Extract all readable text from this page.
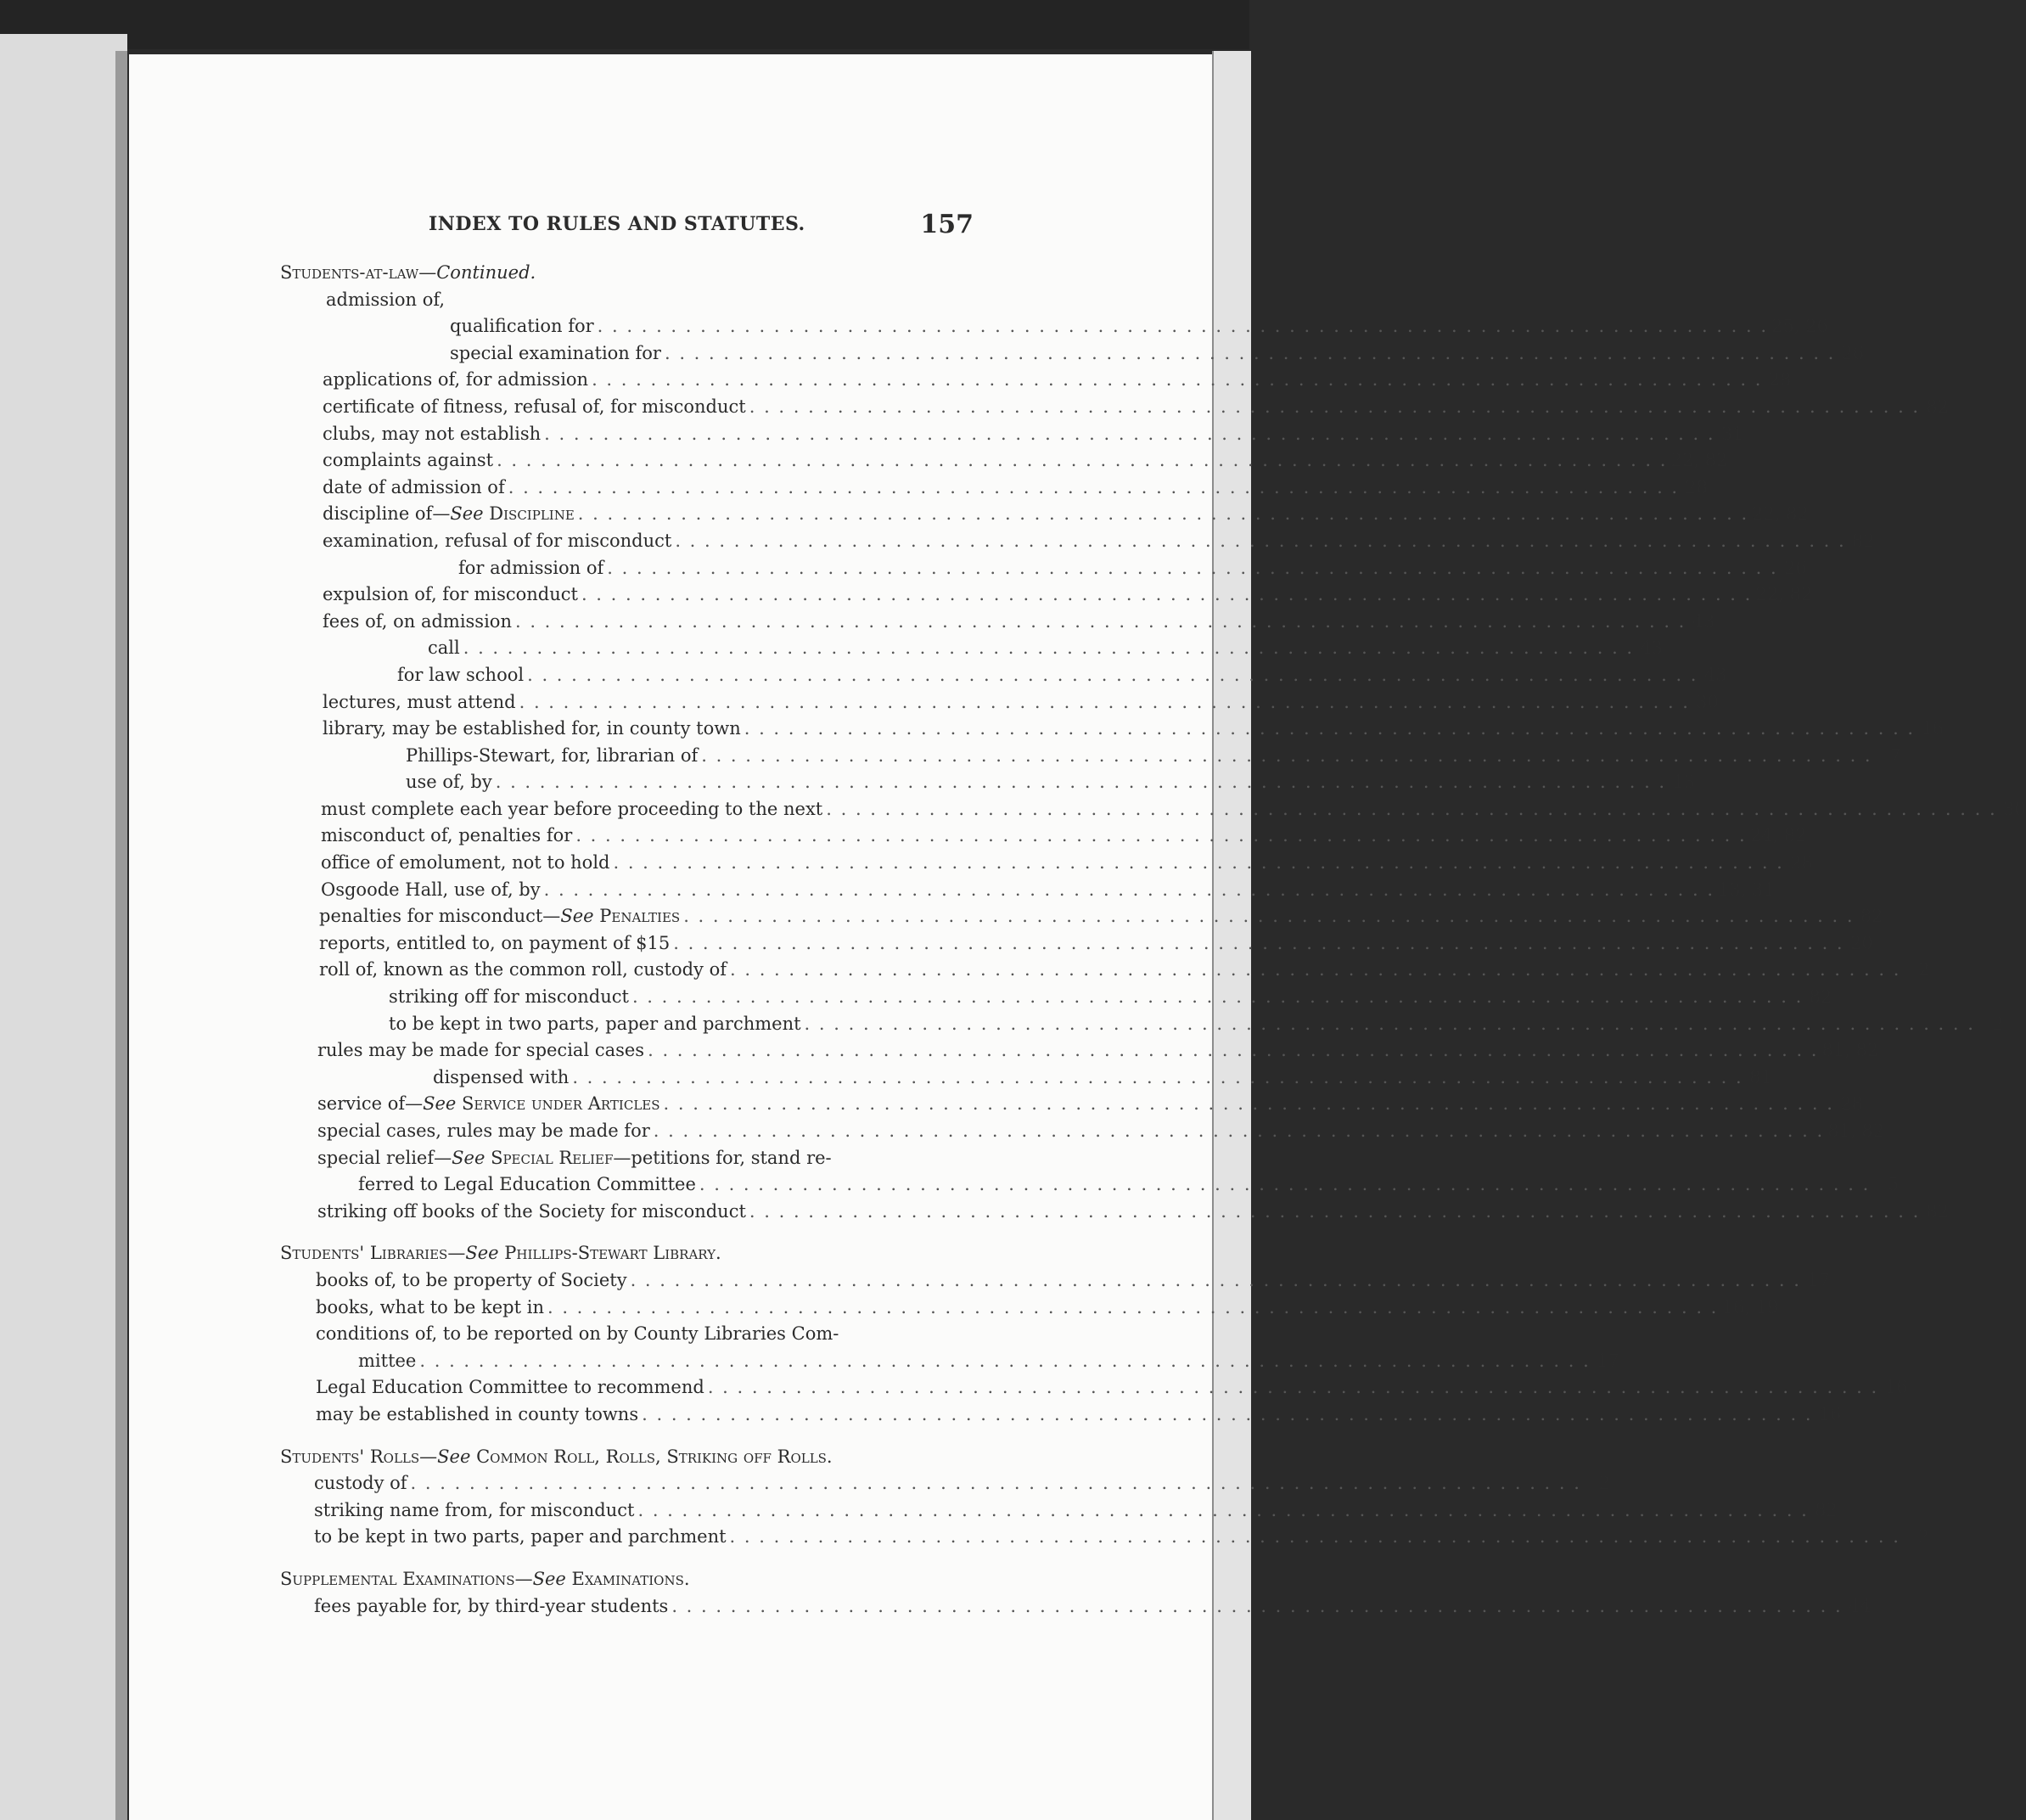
INDEX TO RULES AND STATUTES.	157
Students-at-law—Continued.
admission of,
qualification for . . . . . . . . . . . . . . . . . . . . . . . . . . . . . . . . . . . . . . . . . . . . . . . . . . . . . . . . . . . . . . . . . . . . . . . . . . . . . . . . 25, 26
special examination for . . . . . . . . . . . . . . . . . . . . . . . . . . . . . . . . . . . . . . . . . . . . . . . . . . . . . . . . . . . . . . . . . . . . . . . . . . . . . . . . 26
applications of, for admission . . . . . . . . . . . . . . . . . . . . . . . . . . . . . . . . . . . . . . . . . . . . . . . . . . . . . . . . . . . . . . . . . . . . . . . . . . . . . . . . 28
certificate of fitness, refusal of, for misconduct . . . . . . . . . . . . . . . . . . . . . . . . . . . . . . . . . . . . . . . . . . . . . . . . . . . . . . . . . . . . . . . . . . . . . . . . . . . . . . . . 82
clubs, may not establish . . . . . . . . . . . . . . . . . . . . . . . . . . . . . . . . . . . . . . . . . . . . . . . . . . . . . . . . . . . . . . . . . . . . . . . . . . . . . . . . 31
complaints against . . . . . . . . . . . . . . . . . . . . . . . . . . . . . . . . . . . . . . . . . . . . . . . . . . . . . . . . . . . . . . . . . . . . . . . . . . . . . . . . 22, 82
date of admission of . . . . . . . . . . . . . . . . . . . . . . . . . . . . . . . . . . . . . . . . . . . . . . . . . . . . . . . . . . . . . . . . . . . . . . . . . . . . . . . . 28
discipline of—See Discipline . . . . . . . . . . . . . . . . . . . . . . . . . . . . . . . . . . . . . . . . . . . . . . . . . . . . . . . . . . . . . . . . . . . . . . . . . . . . . . . . 22, 82
examination, refusal of for misconduct . . . . . . . . . . . . . . . . . . . . . . . . . . . . . . . . . . . . . . . . . . . . . . . . . . . . . . . . . . . . . . . . . . . . . . . . . . . . . . . . 82
for admission of . . . . . . . . . . . . . . . . . . . . . . . . . . . . . . . . . . . . . . . . . . . . . . . . . . . . . . . . . . . . . . . . . . . . . . . . . . . . . . . . 26
expulsion of, for misconduct . . . . . . . . . . . . . . . . . . . . . . . . . . . . . . . . . . . . . . . . . . . . . . . . . . . . . . . . . . . . . . . . . . . . . . . . . . . . . . . . 22, 82
fees of, on admission . . . . . . . . . . . . . . . . . . . . . . . . . . . . . . . . . . . . . . . . . . . . . . . . . . . . . . . . . . . . . . . . . . . . . . . . . . . . . . . . 43
call . . . . . . . . . . . . . . . . . . . . . . . . . . . . . . . . . . . . . . . . . . . . . . . . . . . . . . . . . . . . . . . . . . . . . . . . . . . . . . . . 43
for law school . . . . . . . . . . . . . . . . . . . . . . . . . . . . . . . . . . . . . . . . . . . . . . . . . . . . . . . . . . . . . . . . . . . . . . . . . . . . . . . . 43
lectures, must attend . . . . . . . . . . . . . . . . . . . . . . . . . . . . . . . . . . . . . . . . . . . . . . . . . . . . . . . . . . . . . . . . . . . . . . . . . . . . . . . . 30
library, may be established for, in county town . . . . . . . . . . . . . . . . . . . . . . . . . . . . . . . . . . . . . . . . . . . . . . . . . . . . . . . . . . . . . . . . . . . . . . . . . . . . . . . . 16
Phillips-Stewart, for, librarian of . . . . . . . . . . . . . . . . . . . . . . . . . . . . . . . . . . . . . . . . . . . . . . . . . . . . . . . . . . . . . . . . . . . . . . . . . . . . . . . . 7
use of, by . . . . . . . . . . . . . . . . . . . . . . . . . . . . . . . . . . . . . . . . . . . . . . . . . . . . . . . . . . . . . . . . . . . . . . . . . . . . . . . . 13
must complete each year before proceeding to the next . . . . . . . . . . . . . . . . . . . . . . . . . . . . . . . . . . . . . . . . . . . . . . . . . . . . . . . . . . . . . . . . . . . . . . . . . . . . . . . . 30
misconduct of, penalties for . . . . . . . . . . . . . . . . . . . . . . . . . . . . . . . . . . . . . . . . . . . . . . . . . . . . . . . . . . . . . . . . . . . . . . . . . . . . . . . . 24, 82
office of emolument, not to hold . . . . . . . . . . . . . . . . . . . . . . . . . . . . . . . . . . . . . . . . . . . . . . . . . . . . . . . . . . . . . . . . . . . . . . . . . . . . . . . . 28
Osgoode Hall, use of, by . . . . . . . . . . . . . . . . . . . . . . . . . . . . . . . . . . . . . . . . . . . . . . . . . . . . . . . . . . . . . . . . . . . . . . . . . . . . . . . . 13, 31
penalties for misconduct—See Penalties . . . . . . . . . . . . . . . . . . . . . . . . . . . . . . . . . . . . . . . . . . . . . . . . . . . . . . . . . . . . . . . . . . . . . . . . . . . . . . . . 82
reports, entitled to, on payment of $15 . . . . . . . . . . . . . . . . . . . . . . . . . . . . . . . . . . . . . . . . . . . . . . . . . . . . . . . . . . . . . . . . . . . . . . . . . . . . . . . . 20
roll of, known as the common roll, custody of . . . . . . . . . . . . . . . . . . . . . . . . . . . . . . . . . . . . . . . . . . . . . . . . . . . . . . . . . . . . . . . . . . . . . . . . . . . . . . . . 2
striking off for misconduct . . . . . . . . . . . . . . . . . . . . . . . . . . . . . . . . . . . . . . . . . . . . . . . . . . . . . . . . . . . . . . . . . . . . . . . . . . . . . . . . 82
to be kept in two parts, paper and parchment . . . . . . . . . . . . . . . . . . . . . . . . . . . . . . . . . . . . . . . . . . . . . . . . . . . . . . . . . . . . . . . . . . . . . . . . . . . . . . . . 2
rules may be made for special cases . . . . . . . . . . . . . . . . . . . . . . . . . . . . . . . . . . . . . . . . . . . . . . . . . . . . . . . . . . . . . . . . . . . . . . . . . . . . . . . . 81, 82
dispensed with . . . . . . . . . . . . . . . . . . . . . . . . . . . . . . . . . . . . . . . . . . . . . . . . . . . . . . . . . . . . . . . . . . . . . . . . . . . . . . . . 81
service of—See Service under Articles . . . . . . . . . . . . . . . . . . . . . . . . . . . . . . . . . . . . . . . . . . . . . . . . . . . . . . . . . . . . . . . . . . . . . . . . . . . . . . . . 28
special cases, rules may be made for . . . . . . . . . . . . . . . . . . . . . . . . . . . . . . . . . . . . . . . . . . . . . . . . . . . . . . . . . . . . . . . . . . . . . . . . . . . . . . . . 81, 82
special relief—See Special Relief—petitions for, stand re-
ferred to Legal Education Committee . . . . . . . . . . . . . . . . . . . . . . . . . . . . . . . . . . . . . . . . . . . . . . . . . . . . . . . . . . . . . . . . . . . . . . . . . . . . . . . . 5
striking off books of the Society for misconduct . . . . . . . . . . . . . . . . . . . . . . . . . . . . . . . . . . . . . . . . . . . . . . . . . . . . . . . . . . . . . . . . . . . . . . . . . . . . . . . . 82
Students' Libraries—See Phillips-Stewart Library.
books of, to be property of Society . . . . . . . . . . . . . . . . . . . . . . . . . . . . . . . . . . . . . . . . . . . . . . . . . . . . . . . . . . . . . . . . . . . . . . . . . . . . . . . . 17
books, what to be kept in . . . . . . . . . . . . . . . . . . . . . . . . . . . . . . . . . . . . . . . . . . . . . . . . . . . . . . . . . . . . . . . . . . . . . . . . . . . . . . . . 16, 19
conditions of, to be reported on by County Libraries Com-
mittee . . . . . . . . . . . . . . . . . . . . . . . . . . . . . . . . . . . . . . . . . . . . . . . . . . . . . . . . . . . . . . . . . . . . . . . . . . . . . . . . 17
Legal Education Committee to recommend . . . . . . . . . . . . . . . . . . . . . . . . . . . . . . . . . . . . . . . . . . . . . . . . . . . . . . . . . . . . . . . . . . . . . . . . . . . . . . . . 16
may be established in county towns . . . . . . . . . . . . . . . . . . . . . . . . . . . . . . . . . . . . . . . . . . . . . . . . . . . . . . . . . . . . . . . . . . . . . . . . . . . . . . . . 16
Students' Rolls—See Common Roll, Rolls, Striking off Rolls.
custody of . . . . . . . . . . . . . . . . . . . . . . . . . . . . . . . . . . . . . . . . . . . . . . . . . . . . . . . . . . . . . . . . . . . . . . . . . . . . . . . . 2
striking name from, for misconduct . . . . . . . . . . . . . . . . . . . . . . . . . . . . . . . . . . . . . . . . . . . . . . . . . . . . . . . . . . . . . . . . . . . . . . . . . . . . . . . . 82
to be kept in two parts, paper and parchment . . . . . . . . . . . . . . . . . . . . . . . . . . . . . . . . . . . . . . . . . . . . . . . . . . . . . . . . . . . . . . . . . . . . . . . . . . . . . . . . 2
Supplemental Examinations—See Examinations.
fees payable for, by third-year students . . . . . . . . . . . . . . . . . . . . . . . . . . . . . . . . . . . . . . . . . . . . . . . . . . . . . . . . . . . . . . . . . . . . . . . . . . . . . . . . 44
